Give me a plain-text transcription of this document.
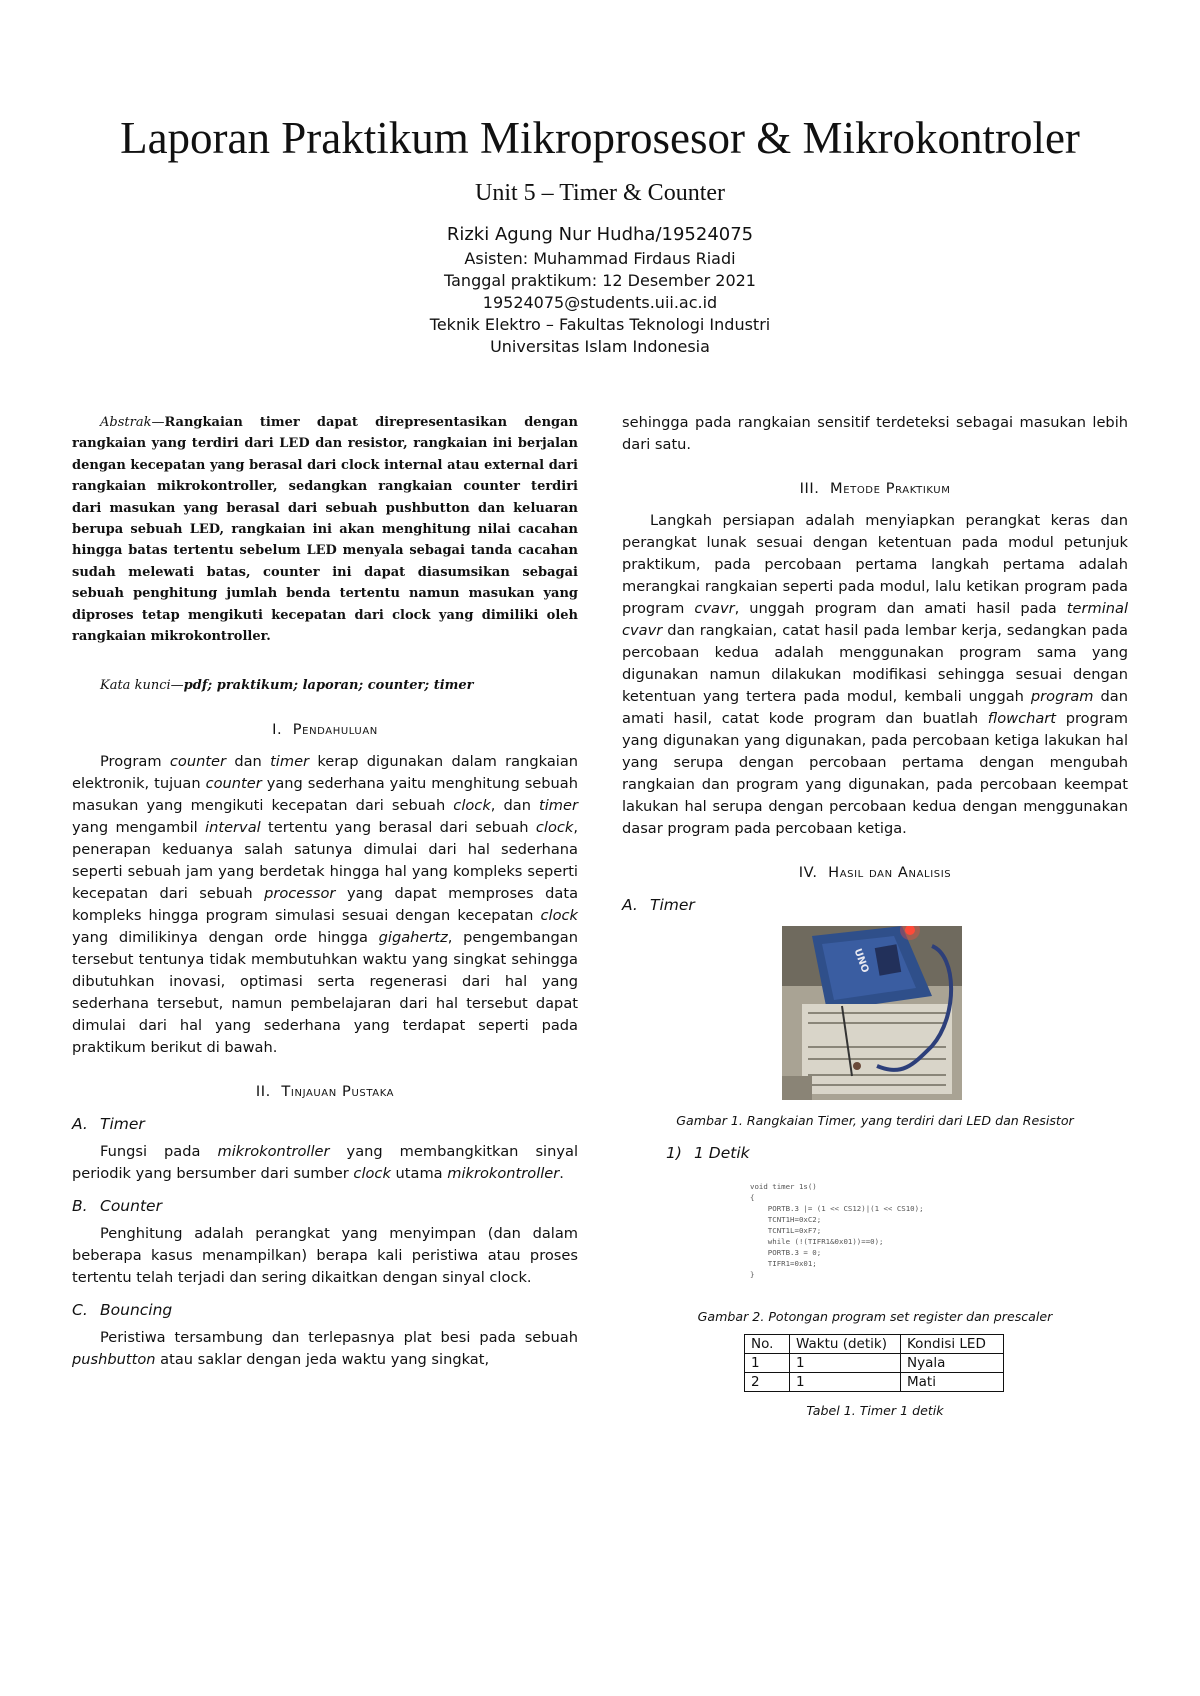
Laporan Praktikum Mikroprosesor & Mikrokontroler
Unit 5 – Timer & Counter
Rizki Agung Nur Hudha/19524075
Asisten: Muhammad Firdaus Riadi
Tanggal praktikum: 12 Desember 2021
19524075@students.uii.ac.id
Teknik Elektro – Fakultas Teknologi Industri
Universitas Islam Indonesia

Abstrak—Rangkaian timer dapat direpresentasikan dengan rangkaian yang terdiri dari LED dan resistor, rangkaian ini berjalan dengan kecepatan yang berasal dari clock internal atau external dari rangkaian mikrokontroller, sedangkan rangkaian counter terdiri dari masukan yang berasal dari sebuah pushbutton dan keluaran berupa sebuah LED, rangkaian ini akan menghitung nilai cacahan hingga batas tertentu sebelum LED menyala sebagai tanda cacahan sudah melewati batas, counter ini dapat diasumsikan sebagai sebuah penghitung jumlah benda tertentu namun masukan yang diproses tetap mengikuti kecepatan dari clock yang dimiliki oleh rangkaian mikrokontroller.

Kata kunci—pdf; praktikum; laporan; counter; timer

I. Pendahuluan

Program counter dan timer kerap digunakan dalam rangkaian elektronik, tujuan counter yang sederhana yaitu menghitung sebuah masukan yang mengikuti kecepatan dari sebuah clock, dan timer yang mengambil interval tertentu yang berasal dari sebuah clock, penerapan keduanya salah satunya dimulai dari hal sederhana seperti sebuah jam yang berdetak hingga hal yang kompleks seperti kecepatan dari sebuah processor yang dapat memproses data kompleks hingga program simulasi sesuai dengan kecepatan clock yang dimilikinya dengan orde hingga gigahertz, pengembangan tersebut tentunya tidak membutuhkan waktu yang singkat sehingga dibutuhkan inovasi, optimasi serta regenerasi dari hal yang sederhana tersebut, namun pembelajaran dari hal tersebut dapat dimulai dari hal yang sederhana yang terdapat seperti pada praktikum berikut di bawah.

II. Tinjauan Pustaka
A. Timer

Fungsi pada mikrokontroller yang membangkitkan sinyal periodik yang bersumber dari sumber clock utama mikrokontroller.

B. Counter

Penghitung adalah perangkat yang menyimpan (dan dalam beberapa kasus menampilkan) berapa kali peristiwa atau proses tertentu telah terjadi dan sering dikaitkan dengan sinyal clock.

C. Bouncing

Peristiwa tersambung dan terlepasnya plat besi pada sebuah pushbutton atau saklar dengan jeda waktu yang singkat,

sehingga pada rangkaian sensitif terdeteksi sebagai masukan lebih dari satu.

III. Metode Praktikum

Langkah persiapan adalah menyiapkan perangkat keras dan perangkat lunak sesuai dengan ketentuan pada modul petunjuk praktikum, pada percobaan pertama langkah pertama adalah merangkai rangkaian seperti pada modul, lalu ketikan program pada program cvavr, unggah program dan amati hasil pada terminal cvavr dan rangkaian, catat hasil pada lembar kerja, sedangkan pada percobaan kedua adalah menggunakan program sama yang digunakan namun dilakukan modifikasi sehingga sesuai dengan ketentuan yang tertera pada modul, kembali unggah program dan amati hasil, catat kode program dan buatlah flowchart program yang digunakan yang digunakan, pada percobaan ketiga lakukan hal yang serupa dengan percobaan pertama dengan mengubah rangkaian dan program yang digunakan, pada percobaan keempat lakukan hal serupa dengan percobaan kedua dengan menggunakan dasar program pada percobaan ketiga.

IV. Hasil dan Analisis
A. Timer
UNO
Gambar 1. Rangkaian Timer, yang terdiri dari LED dan Resistor
1) 1 Detik

void timer 1s()
{
PORTB.3 |= (1 << CS12)|(1 << CS10);
TCNT1H=0xC2;
TCNT1L=0xF7;
while (!(TIFR1&0x01))==0);
PORTB.3 = 0;
TIFR1=0x01;
}

Gambar 2. Potongan program set register dan prescaler
No.	Waktu (detik)	Kondisi LED
1	1	Nyala
2	1	Mati
Tabel 1. Timer 1 detik
